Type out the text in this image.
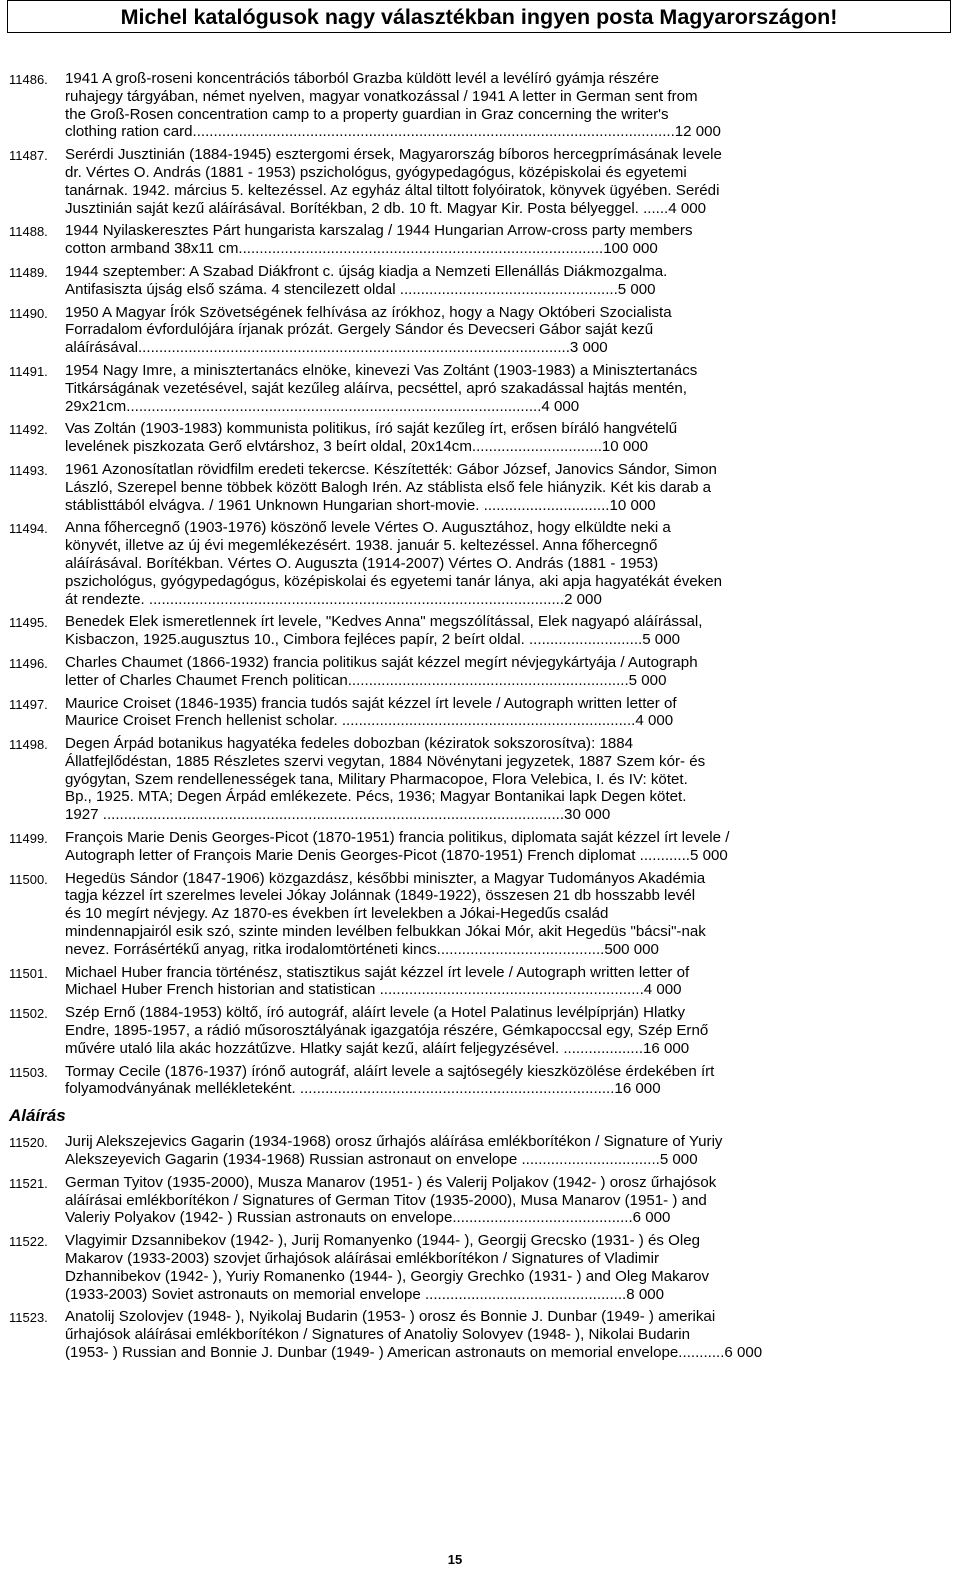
Michel katalógusok nagy választékban ingyen posta Magyarországon!
11486. 1941 A groß-roseni koncentrációs táborból Grazba küldött levél a levélíró gyámja részére

ruhajegy tárgyában, német nyelven, magyar vonatkozással / 1941 A letter in German sent from

the Groß-Rosen concentration camp to a property guardian in Graz concerning the writer's

clothing ration card...................................................................................................................12 000

11487. Serérdi Jusztinián (1884-1945) esztergomi érsek, Magyarország bíboros hercegprímásának levele

dr. Vértes O. András (1881 - 1953) pszichológus, gyógypedagógus, középiskolai és egyetemi

tanárnak. 1942. március 5. keltezéssel. Az egyház által tiltott folyóiratok, könyvek ügyében. Serédi

Jusztinián saját kezű aláírásával. Borítékban, 2 db. 10 ft. Magyar Kir. Posta bélyeggel. ......4 000

11488. 1944 Nyilaskeresztes Párt hungarista karszalag / 1944 Hungarian Arrow-cross party members

cotton armband 38x11 cm.......................................................................................100 000

11489. 1944 szeptember: A Szabad Diákfront c. újság kiadja a Nemzeti Ellenállás Diákmozgalma.

Antifasiszta újság első száma. 4 stencilezett oldal ....................................................5 000

11490. 1950 A Magyar Írók Szövetségének felhívása az írókhoz, hogy a Nagy Októberi Szocialista

Forradalom évfordulójára írjanak prózát. Gergely Sándor és Devecseri Gábor saját kezű

aláírásával.......................................................................................................3 000

11491. 1954 Nagy Imre, a minisztertanács elnöke, kinevezi Vas Zoltánt (1903-1983) a Minisztertanács

Titkárságának vezetésével, saját kezűleg aláírva, pecséttel, apró szakadással hajtás mentén,

29x21cm...................................................................................................4 000

11492. Vas Zoltán (1903-1983) kommunista politikus, író saját kezűleg írt, erősen bíráló hangvételű

levelének piszkozata Gerő elvtárshoz, 3 beírt oldal, 20x14cm...............................10 000

11493. 1961 Azonosítatlan rövidfilm eredeti tekercse. Készítették: Gábor József, Janovics Sándor, Simon

László, Szerepel benne többek között Balogh Irén. Az stáblista első fele hiányzik. Két kis darab a

stáblisttából elvágva. / 1961 Unknown Hungarian short-movie. ..............................10 000

11494. Anna főhercegnő (1903-1976) köszönő levele Vértes O. Augusztához, hogy elküldte neki a

könyvét, illetve az új évi megemlékezésért. 1938. január 5. keltezéssel. Anna főhercegnő

aláírásával. Borítékban. Vértes O. Auguszta (1914-2007) Vértes O. András (1881 - 1953)

pszichológus, gyógypedagógus, középiskolai és egyetemi tanár lánya, aki apja hagyatékát éveken

át rendezte. ...................................................................................................2 000

11495. Benedek Elek ismeretlennek írt levele, "Kedves Anna" megszólítással, Elek nagyapó aláírással,

Kisbaczon, 1925.augusztus 10., Cimbora fejléces papír, 2 beírt oldal. ...........................5 000

11496. Charles Chaumet (1866-1932) francia politikus saját kézzel megírt névjegykártyája / Autograph

letter of Charles Chaumet French politican...................................................................5 000

11497. Maurice Croiset (1846-1935) francia tudós saját kézzel írt levele / Autograph written letter of

Maurice Croiset French hellenist scholar. ......................................................................4 000

11498. Degen Árpád botanikus hagyatéka fedeles dobozban (kéziratok sokszorosítva): 1884

Állatfejlődéstan, 1885 Részletes szervi vegytan, 1884 Növénytani jegyzetek, 1887 Szem kór- és

gyógytan, Szem rendellenességek tana, Military Pharmacopoe, Flora Velebica, I. és IV: kötet.

Bp., 1925. MTA; Degen Árpád emlékezete. Pécs, 1936; Magyar Bontanikai lapk Degen kötet.

1927 ..............................................................................................................30 000

11499. François Marie Denis Georges-Picot (1870-1951) francia politikus, diplomata saját kézzel írt levele /

Autograph letter of François Marie Denis Georges-Picot (1870-1951) French diplomat ............5 000

11500. Hegedüs Sándor (1847-1906) közgazdász, későbbi miniszter, a Magyar Tudományos Akadémia

tagja kézzel írt szerelmes levelei Jókay Jolánnak (1849-1922), összesen 21 db hosszabb levél

és 10 megírt névjegy. Az 1870-es években írt levelekben a Jókai-Hegedűs család

mindennapjairól esik szó, szinte minden levélben felbukkan Jókai Mór, akit Hegedüs "bácsi"-nak

nevez. Forrásértékű anyag, ritka irodalomtörténeti kincs........................................500 000

11501. Michael Huber francia történész, statisztikus saját kézzel írt levele / Autograph written letter of

Michael Huber French historian and statistican ...............................................................4 000

11502. Szép Ernő (1884-1953) költő, író autográf, aláírt levele (a Hotel Palatinus levélpíprján) Hlatky

Endre, 1895-1957, a rádió műsorosztályának igazgatója részére, Gémkapoccsal egy, Szép Ernő

művére utaló lila akác hozzátűzve. Hlatky saját kezű, aláírt feljegyzésével. ...................16 000

11503. Tormay Cecile (1876-1937) írónő autográf, aláírt levele a sajtósegély kieszközölése érdekében írt

folyamodványának mellékleteként. ...........................................................................16 000

Aláírás
11520. Jurij Alekszejevics Gagarin (1934-1968) orosz űrhajós aláírása emlékborítékon / Signature of Yuriy

Alekszeyevich Gagarin (1934-1968) Russian astronaut on envelope .................................5 000

11521. German Tyitov (1935-2000), Musza Manarov (1951- ) és Valerij Poljakov (1942- ) orosz űrhajósok

aláírásai emlékborítékon / Signatures of German Titov (1935-2000), Musa Manarov (1951- ) and

Valeriy Polyakov (1942- ) Russian astronauts on envelope...........................................6 000

11522. Vlagyimir Dzsannibekov (1942- ), Jurij Romanyenko (1944- ), Georgij Grecsko (1931- ) és Oleg

Makarov (1933-2003) szovjet űrhajósok aláírásai emlékborítékon / Signatures of Vladimir

Dzhannibekov (1942- ), Yuriy Romanenko (1944- ), Georgiy Grechko (1931- ) and Oleg Makarov

(1933-2003) Soviet astronauts on memorial envelope ................................................8 000

11523. Anatolij Szolovjev (1948- ), Nyikolaj Budarin (1953- ) orosz és Bonnie J. Dunbar (1949- ) amerikai

űrhajósok aláírásai emlékborítékon / Signatures of Anatoliy Solovyev (1948- ), Nikolai Budarin

(1953- ) Russian and Bonnie J. Dunbar (1949- ) American astronauts on memorial envelope...........6 000

15
